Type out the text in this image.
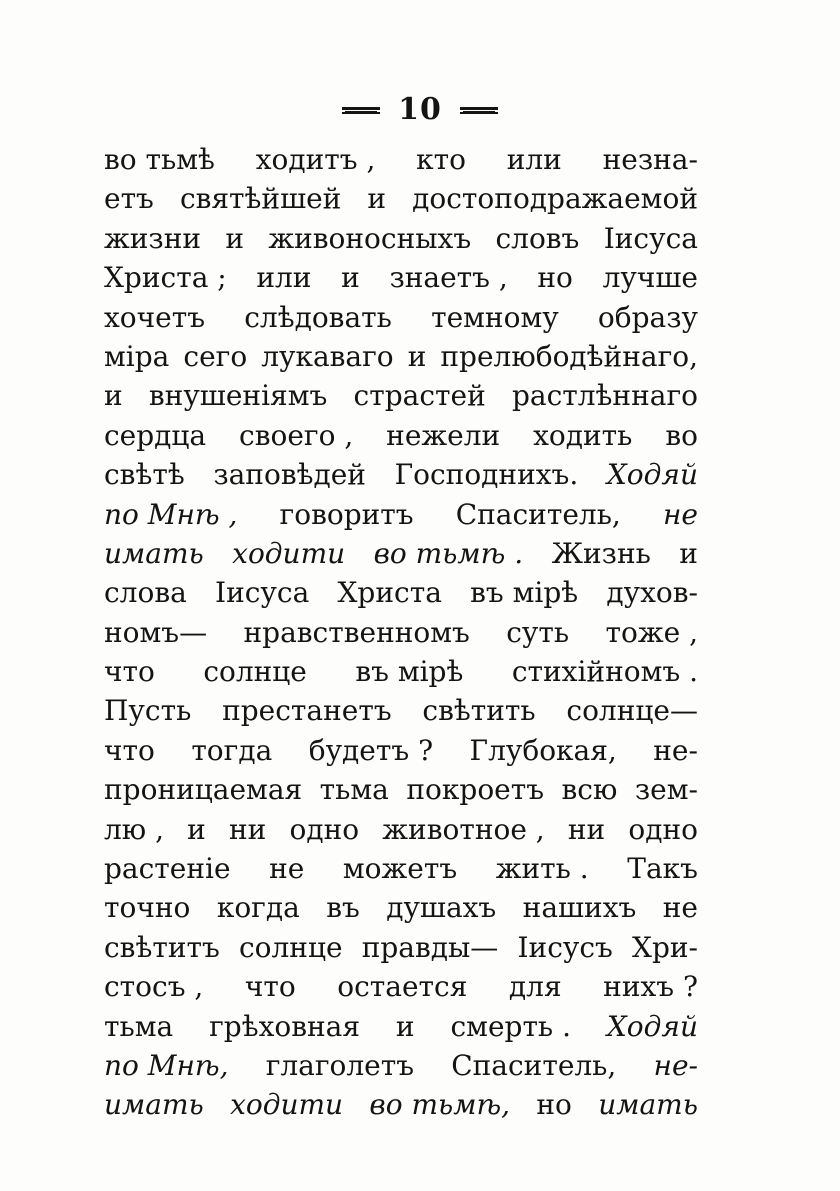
10
во тьмѣ ходитъ , кто или незна-
етъ святѣйшей и достоподражаемой
жизни и живоносныхъ словъ Iисуса
Христа ; или и знаетъ , но лучше
хочетъ слѣдовать темному образу
мiра сего лукаваго и прелюбодѣйнаго,
и внушенiямъ страстей растлѣннаго
сердца своего , нежели ходить во
свѣтѣ заповѣдей Господнихъ. Ходяй
по Мнѣ , говоритъ Спаситель, не
имать ходити во тьмѣ . Жизнь и
слова Iисуса Христа въ мiрѣ духов-
номъ— нравственномъ суть тоже ,
что солнце въ мiрѣ стихiйномъ .
Пусть престанетъ свѣтить солнце—
что тогда будетъ ? Глубокая, не-
проницаемая тьма покроетъ всю зем-
лю , и ни одно животное , ни одно
растенiе не можетъ жить . Такъ
точно когда въ душахъ нашихъ не
свѣтитъ солнце правды— Iисусъ Хри-
стосъ , что остается для нихъ ?
тьма грѣховная и смерть . Ходяй
по Мнѣ, глаголетъ Спаситель, не-
имать ходити во тьмѣ, но имать
